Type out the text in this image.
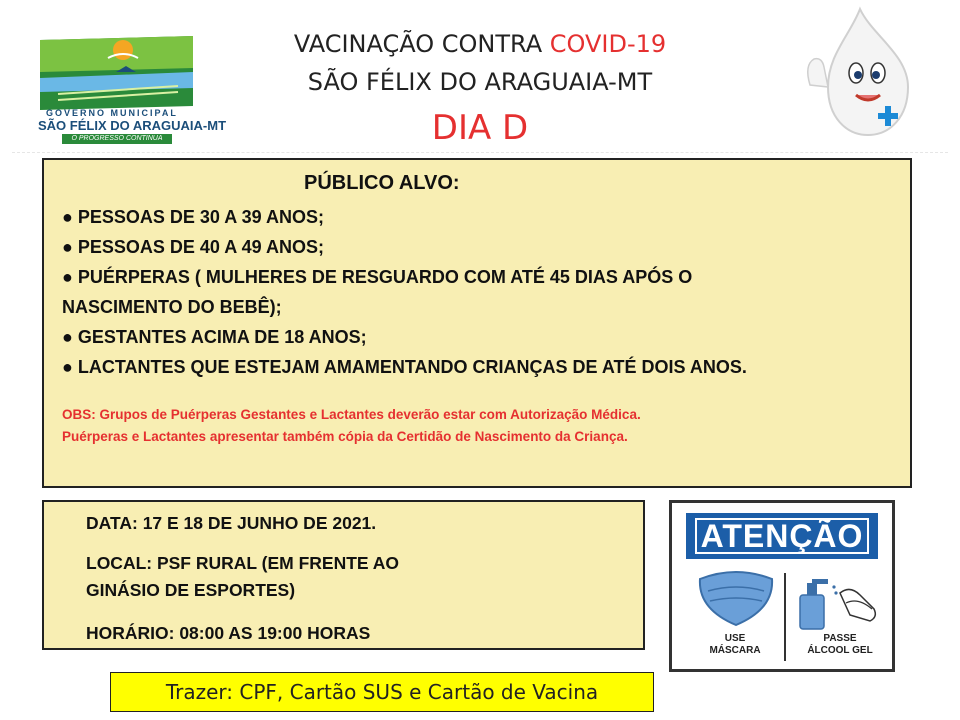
GOVERNO MUNICIPAL
SÃO FÉLIX DO ARAGUAIA-MT
O PROGRESSO CONTINUA
VACINAÇÃO CONTRA COVID-19
SÃO FÉLIX DO ARAGUAIA-MT
DIA D
PÚBLICO ALVO:
● PESSOAS DE 30 A 39 ANOS;
● PESSOAS DE 40 A 49 ANOS;
● PUÉRPERAS ( MULHERES DE RESGUARDO COM ATÉ 45 DIAS APÓS O
NASCIMENTO DO BEBÊ);
● GESTANTES ACIMA DE 18 ANOS;
● LACTANTES QUE ESTEJAM AMAMENTANDO CRIANÇAS DE ATÉ DOIS ANOS.
OBS: Grupos de Puérperas Gestantes e Lactantes deverão estar com Autorização Médica.
Puérperas e Lactantes apresentar também cópia da Certidão de Nascimento da Criança.

DATA: 17 E 18 DE JUNHO DE 2021.

LOCAL: PSF RURAL (EM FRENTE AO
GINÁSIO DE ESPORTES)

HORÁRIO: 08:00 AS 19:00 HORAS

ATENÇÃO
USE
MÁSCARA
PASSE
ÁLCOOL GEL
Trazer: CPF, Cartão SUS e Cartão de Vacina
